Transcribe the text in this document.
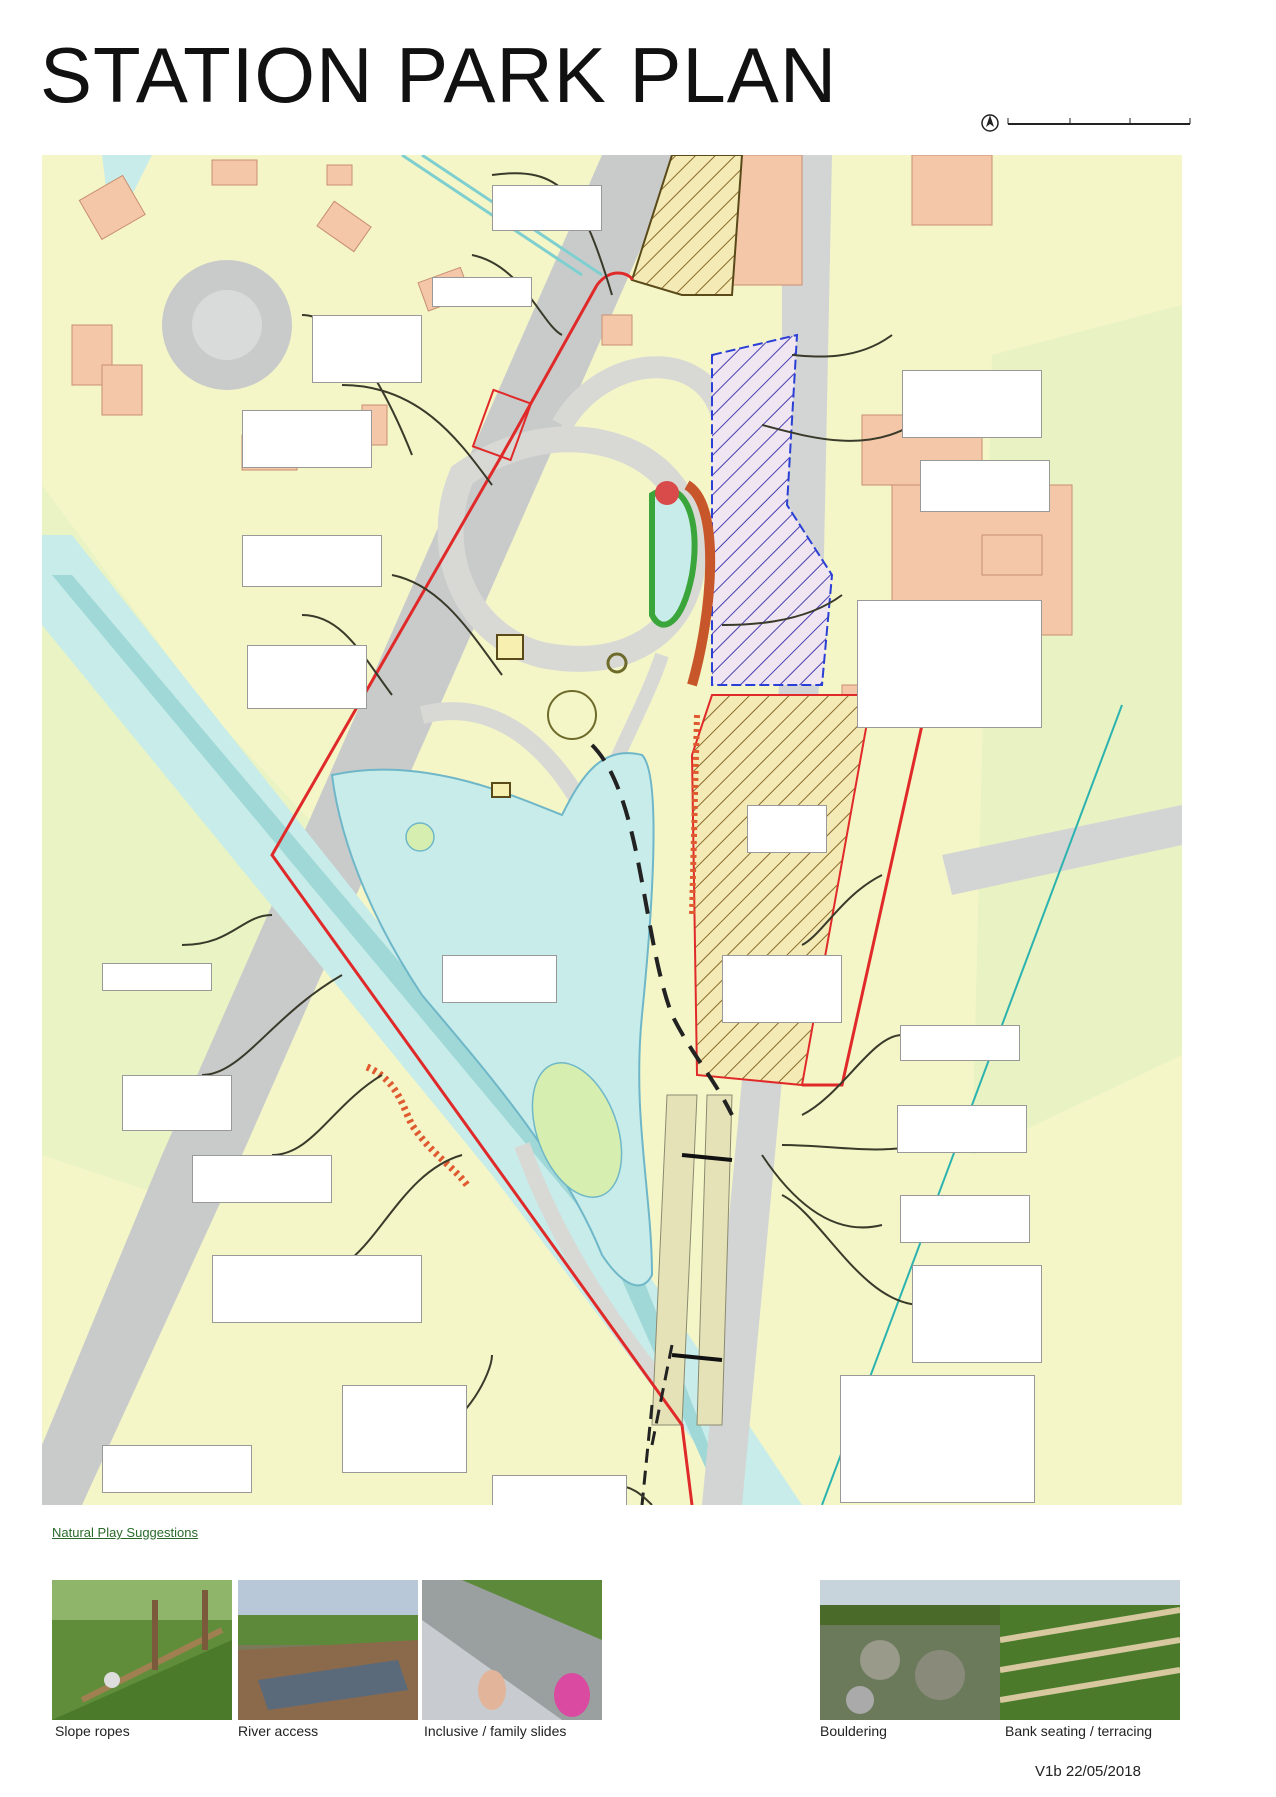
STATION PARK PLAN
Natural Play Suggestions
Slope ropes	River access	Inclusive / family slides	Bouldering	Bank seating / terracing
V1b 22/05/2018
